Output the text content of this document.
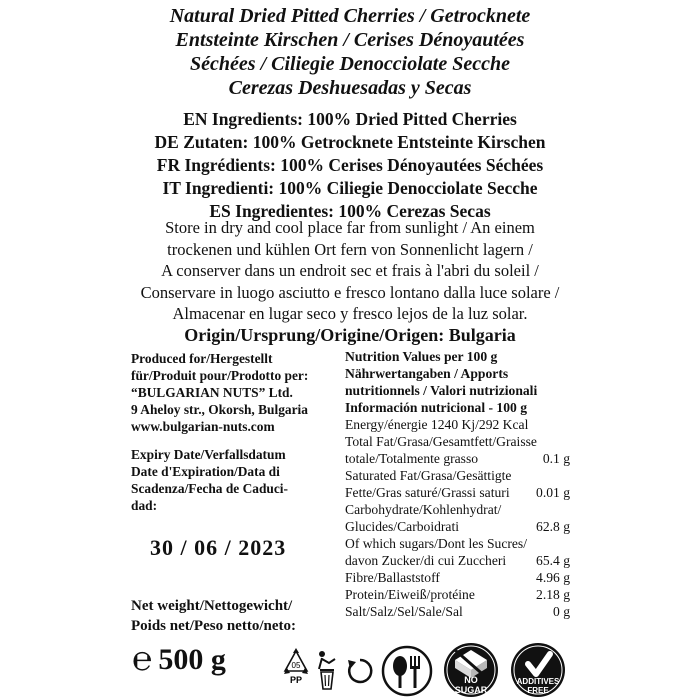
Natural Dried Pitted Cherries / Getrocknete
Entsteinte Kirschen / Cerises Dénoyautées
Séchées / Ciliegie Denocciolate Secche
Cerezas Deshuesadas y Secas
EN Ingredients: 100% Dried Pitted Cherries
DE Zutaten: 100% Getrocknete Entsteinte Kirschen
FR Ingrédients: 100% Cerises Dénoyautées Séchées
IT Ingredienti: 100% Ciliegie Denocciolate Secche
ES Ingredientes: 100% Cerezas Secas
Store in dry and cool place far from sunlight / An einem
trockenen und kühlen Ort fern von Sonnenlicht lagern /
A conserver dans un endroit sec et frais à l'abri du soleil /
Conservare in luogo asciutto e fresco lontano dalla luce solare /
Almacenar en lugar seco y fresco lejos de la luz solar.
Origin/Ursprung/Origine/Origen: Bulgaria
Produced for/Hergestellt
für/Produit pour/Prodotto per:
“BULGARIAN NUTS” Ltd.
9 Aheloy str., Okorsh, Bulgaria
www.bulgarian-nuts.com
Expiry Date/Verfallsdatum
Date d'Expiration/Data di
Scadenza/Fecha de Caduci-
dad:
30 / 06 / 2023
Net weight/Nettogewicht/
Poids net/Peso netto/neto:
Nutrition Values per 100 g
Nährwertangaben / Apports
nutritionnels / Valori nutrizionali
Información nutricional - 100 g
Energy/énergie 1240 Kj/292 Kcal
Total Fat/Grasa/Gesamtfett/Graisse
totale/Totalmente grasso	0.1 g
Saturated Fat/Grasa/Gesättigte
Fette/Gras saturé/Grassi saturi 0.01 g
Carbohydrate/Kohlenhydrat/
Glucides/Carboidrati	62.8 g
Of which sugars/Dont les Sucres/
davon Zucker/di cui Zuccheri 65.4 g
Fibre/Ballaststoff	4.96 g
Protein/Eiweiß/protéine	2.18 g
Salt/Salz/Sel/Sale/Sal	0 g
℮ 500 g	05
PP	NO
SUGAR
ADDITIVES
FREE
